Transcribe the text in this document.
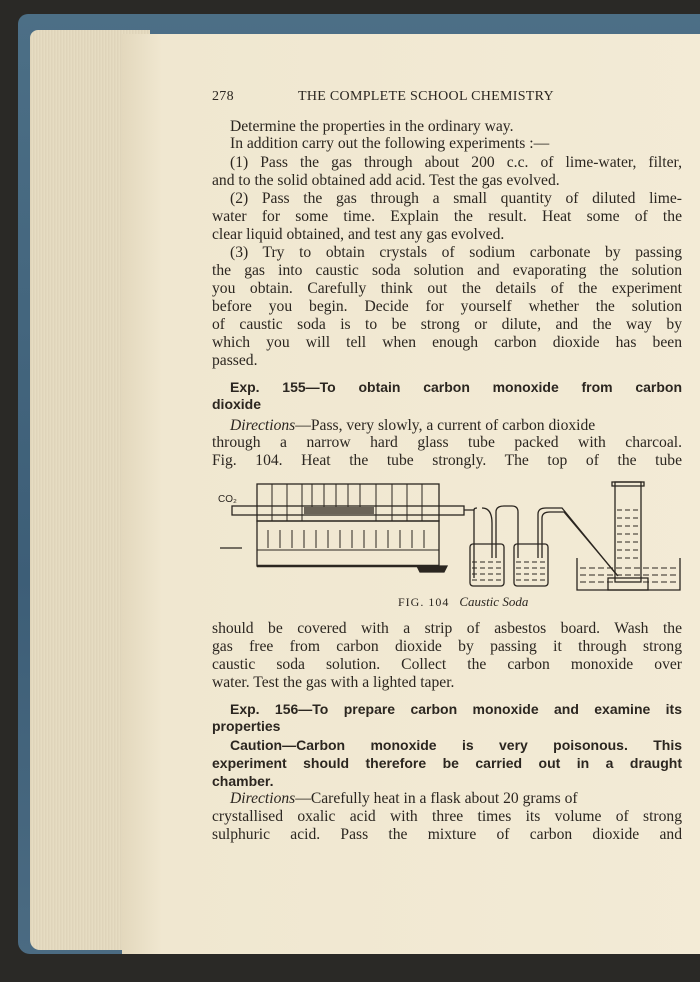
278	THE COMPLETE SCHOOL CHEMISTRY
Determine the properties in the ordinary way.
In addition carry out the following experiments :—
(1) Pass the gas through about 200 c.c. of lime-water, filter,
and to the solid obtained add acid. Test the gas evolved.
(2) Pass the gas through a small quantity of diluted lime-
water for some time. Explain the result. Heat some of the
clear liquid obtained, and test any gas evolved.
(3) Try to obtain crystals of sodium carbonate by passing
the gas into caustic soda solution and evaporating the solution
you obtain. Carefully think out the details of the experiment
before you begin. Decide for yourself whether the solution
of caustic soda is to be strong or dilute, and the way by
which you will tell when enough carbon dioxide has been
passed.
Exp. 155—To obtain carbon monoxide from carbon
dioxide
Directions—Pass, very slowly, a current of carbon dioxide
through a narrow hard glass tube packed with charcoal.
Fig. 104. Heat the tube strongly. The top of the tube
CO₂
FIG. 104 Caustic Soda
should be covered with a strip of asbestos board. Wash the
gas free from carbon dioxide by passing it through strong
caustic soda solution. Collect the carbon monoxide over
water. Test the gas with a lighted taper.
Exp. 156—To prepare carbon monoxide and examine its
properties
Caution—Carbon monoxide is very poisonous. This
experiment should therefore be carried out in a draught
chamber.
Directions—Carefully heat in a flask about 20 grams of
crystallised oxalic acid with three times its volume of strong
sulphuric acid. Pass the mixture of carbon dioxide and
